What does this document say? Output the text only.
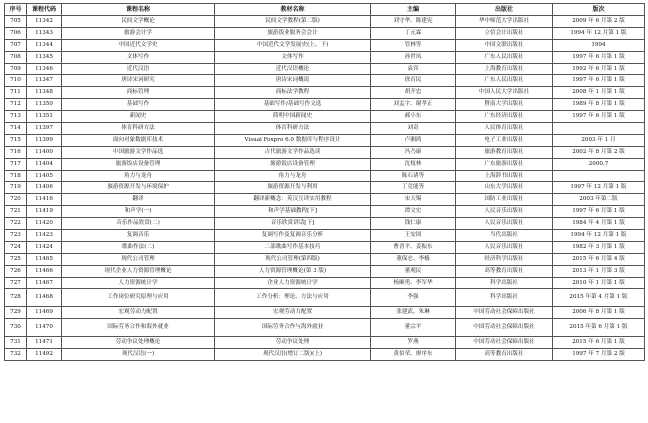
序号	课程代码	课程名称	教材名称	主编	出版社	版次
705	11342	民间文学概论	民间文学教程(第二版)	刘守华、陈建宪	华中师范大学出版社	2009 年 6 月第 2 版
706	11343	旅游会计学	旅游饭业服务会会计	丁元霖	立信会计出版社	1994 年 12 月第 1 版
707	11344	中国近代文学史	中国近代文学发展史(上、下)	管林等	中国文联出版社	1994
708	11345	文体写作	文体写作	孙世凤	广东人民出版社	1997 年 6 月第 1 版
709	11346	近代汉语	近代汉语概论	袁宾	上海教育出版社	1992 年 6 月第 1 版
710	11347	唐诗宋词研究	唐诗宋词概说	徐育民	广东人民出版社	1997 年 6 月第 1 版
711	11348	商标管理	商标法学教程	胡开忠	中国人民大学出版社	2008 年 1 月第 1 版
712	11350	基础写作	基础写作/基础写作文选	刘孟宇、谢孝正	暨南大学出版社	1989 年 8 月第 1 版
713	11351	新闻史	简明中国新闻史	郝小东	广东经济出版社	1997 年 6 月第 1 版
714	11397	体育科研方法	体育科研方法	刘奇	人民体育出版社	
715	11399	面向对象数据库技术	Visual Foxpro 6.0 数据库与程序设计	卢湘鸿	电子工业出版社	2003 年 1 月
716	11400	中国旅游文学作品选	古代旅游文学作品选读	冯乃康	旅游教育出版社	2002 年 8 月第 2 版
717	11404	旅游饭店设备管理	旅游饭店设备管理	沈枝林	广东旅游出版社	2000.7
718	11405	角力与龙舟	角力与龙舟	陈石诸等	上海辞书出版社	
719	11406	旅游资源开发与环境保护	旅游资源开发与利用	丁竞能等	山东大学出版社	1997 年 12 月第 1 版
720	11416	翻译	翻译新概念：英汉互译实用教程	宋天锡	国防工业出版社	2003 年第二版
721	11419	和声学(一)	和声学基础教程[下]	谭文宏	人民音乐出版社	1997 年 6 月第 1 版
722	11420	音乐作品欣赏(二)	音乐欣赏讲话[下]	钱仁康	人民音乐出版社	1984 年 4 月第 1 版
723	11423	复调音乐	复调写作及复调音乐分析	王安国	当代出版社	1994 年 12 月第 1 版
724	11424	歌曲作法(二)	二部歌曲写作基本技巧	曹晋平、姜振东	人民音乐出版社	1982 年 3 月第 1 版
725	11465	现代公司管理	现代公司管理(第四版)	董保仑、李樯	经济科学出版社	2015 年 6 月第 4 版
726	11466	现代企业人力资源管理概论	人力资源管理概论(第 3 版)	董观民	高等教育出版社	2013 年 1 月第 3 版
727	11467	人力资源统计学	企业人力资源统计学	杨顺勇、李军华	科学出版社	2010 年 1 月第 1 版
728	11468	工作岗位研究原理与应用	工作分析：理论、方法与应用	李强	科学出版社	2015 年第 4 月第 1 版
729	11469	宏观劳动力配置	宏观劳动力配置	张建武、朱琳	中国劳动社会保障出版社	2006 年 8 月第 1 版
730	11470	国际劳务合作和海外就业	国际劳务合作与海外就业	董宗平	中国劳动社会保障出版社	2015 年第 6 月第 1 版
731	11471	劳动争议处理概论	劳动争议处理	罗燕	中国劳动社会保障出版社	2015 年 6 月第 1 版
732	11492	现代汉语(一)	现代汉语(增订二版)(上)	黄伯荣、廖序东	高等教育出版社	1997 年 7 月第 2 版
